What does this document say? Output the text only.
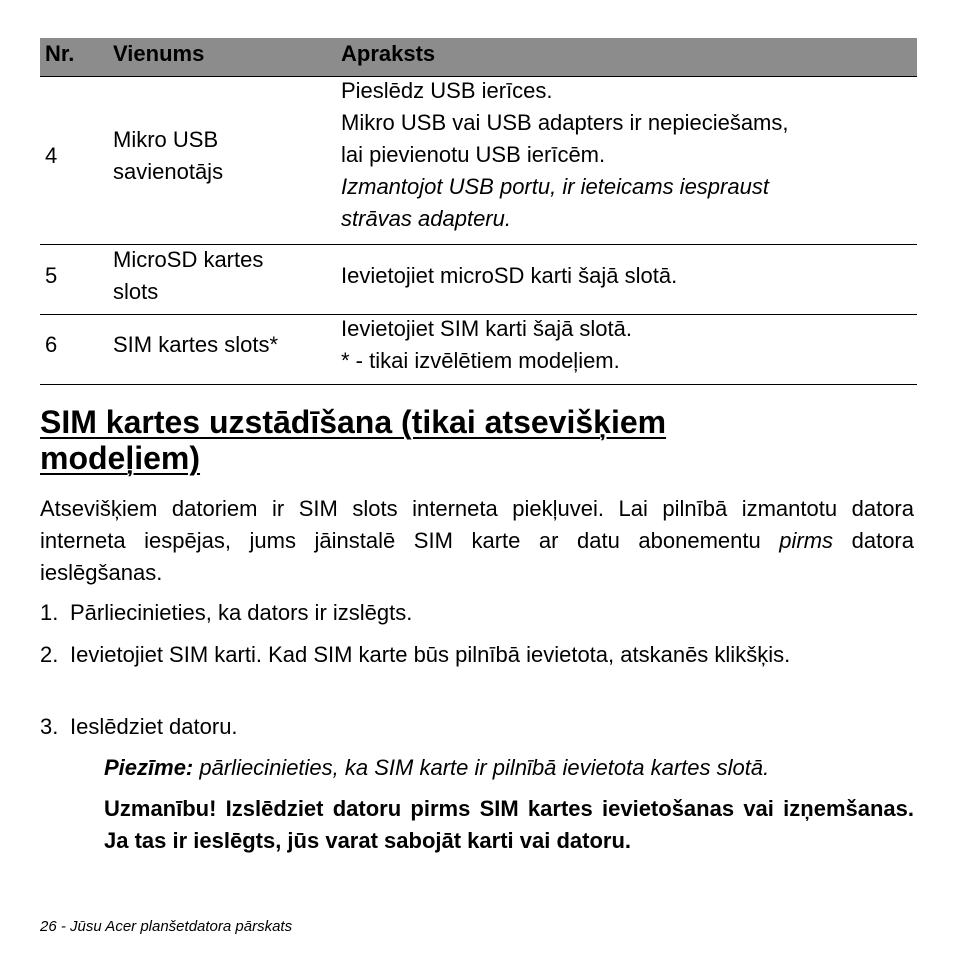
Nr. Vienums	Apraksts
4
Mikro USB
savienotājs
Pieslēdz USB ierīces.
Mikro USB vai USB adapters ir nepieciešams,
lai pievienotu USB ierīcēm.
Izmantojot USB portu, ir ieteicams iespraust
strāvas adapteru.
5
MicroSD kartes
slots
Ievietojiet microSD karti šajā slotā.
6	SIM kartes slots*
Ievietojiet SIM karti šajā slotā.
* - tikai izvēlētiem modeļiem.
SIM kartes uzstādīšana (tikai atsevišķiem modeļiem)

Atsevišķiem datoriem ir SIM slots interneta piekļuvei. Lai pilnībā izmantotu datora interneta iespējas, jums jāinstalē SIM karte ar datu abonementu pirms datora ieslēgšanas.

1. Pārliecinieties, ka dators ir izslēgts.
2. Ievietojiet SIM karti. Kad SIM karte būs pilnībā ievietota, atskanēs klikšķis.
3. Ieslēdziet datoru.
Piezīme: pārliecinieties, ka SIM karte ir pilnībā ievietota kartes slotā.
Uzmanību! Izslēdziet datoru pirms SIM kartes ievietošanas vai izņemšanas. Ja tas ir ieslēgts, jūs varat sabojāt karti vai datoru.
26 - Jūsu Acer planšetdatora pārskats
